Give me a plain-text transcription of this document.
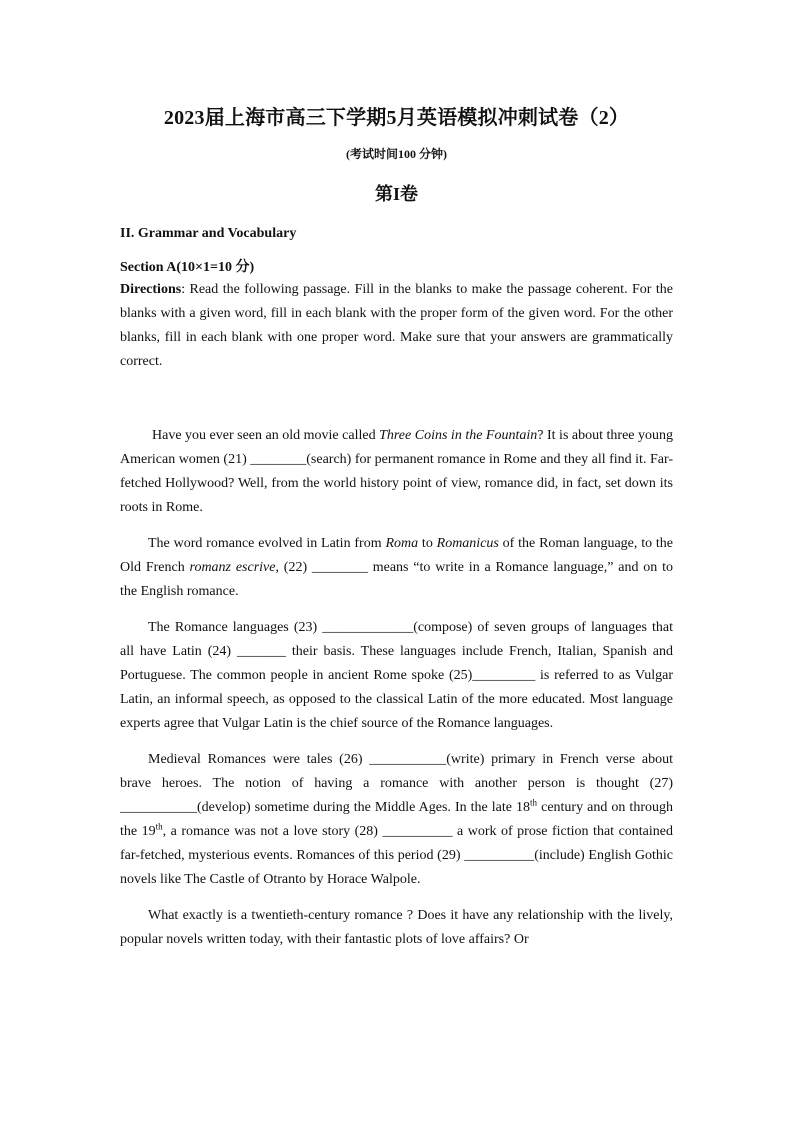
2023届上海市高三下学期5月英语模拟冲刺试卷（2）
(考试时间100 分钟)
第I卷
II. Grammar and Vocabulary
Section A(10×1=10 分)

Directions: Read the following passage. Fill in the blanks to make the passage coherent. For the blanks with a given word, fill in each blank with the proper form of the given word. For the other blanks, fill in each blank with one proper word. Make sure that your answers are grammatically correct.

Have you ever seen an old movie called Three Coins in the Fountain? It is about three young American women (21) ________(search) for permanent romance in Rome and they all find it. Far-fetched Hollywood? Well, from the world history point of view, romance did, in fact, set down its roots in Rome.

The word romance evolved in Latin from Roma to Romanicus of the Roman language, to the Old French romanz escrive, (22) ________ means “to write in a Romance language,” and on to the English romance.

The Romance languages (23) _____________(compose) of seven groups of languages that all have Latin (24) _______ their basis. These languages include French, Italian, Spanish and Portuguese. The common people in ancient Rome spoke (25)_________ is referred to as Vulgar Latin, an informal speech, as opposed to the classical Latin of the more educated. Most language experts agree that Vulgar Latin is the chief source of the Romance languages.

Medieval Romances were tales (26) ___________(write) primary in French verse about brave heroes. The notion of having a romance with another person is thought (27) ___________(develop) sometime during the Middle Ages. In the late 18th century and on through the 19th, a romance was not a love story (28) __________ a work of prose fiction that contained far-fetched, mysterious events. Romances of this period (29) __________(include) English Gothic novels like The Castle of Otranto by Horace Walpole.

What exactly is a twentieth-century romance ? Does it have any relationship with the lively, popular novels written today, with their fantastic plots of love affairs? Or
